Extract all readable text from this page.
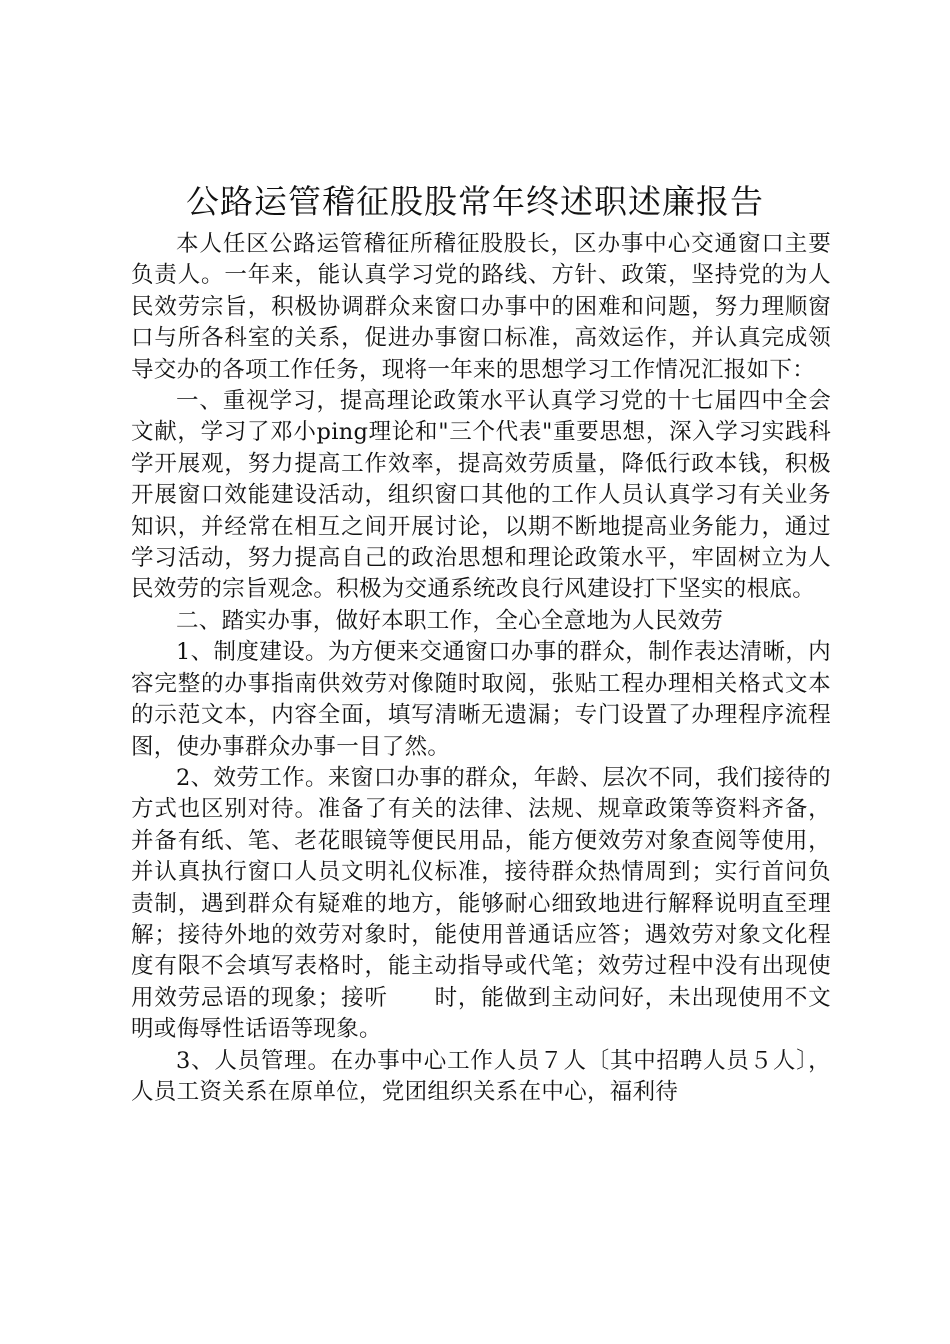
公路运管稽征股股常年终述职述廉报告

本人任区公路运管稽征所稽征股股长，区办事中心交通窗口主要负责人。一年来，能认真学习党的路线、方针、政策，坚持党的为人民效劳宗旨，积极协调群众来窗口办事中的困难和问题，努力理顺窗口与所各科室的关系，促进办事窗口标准，高效运作，并认真完成领导交办的各项工作任务，现将一年来的思想学习工作情况汇报如下：

一、重视学习，提高理论政策水平认真学习党的十七届四中全会文献，学习了邓小ping理论和"三个代表"重要思想，深入学习实践科学开展观，努力提高工作效率，提高效劳质量，降低行政本钱，积极开展窗口效能建设活动，组织窗口其他的工作人员认真学习有关业务知识，并经常在相互之间开展讨论，以期不断地提高业务能力，通过学习活动，努力提高自己的政治思想和理论政策水平，牢固树立为人民效劳的宗旨观念。积极为交通系统改良行风建设打下坚实的根底。

二、踏实办事，做好本职工作，全心全意地为人民效劳

1、制度建设。为方便来交通窗口办事的群众，制作表达清晰，内容完整的办事指南供效劳对像随时取阅，张贴工程办理相关格式文本的示范文本，内容全面，填写清晰无遗漏；专门设置了办理程序流程图，使办事群众办事一目了然。

2、效劳工作。来窗口办事的群众，年龄、层次不同，我们接待的方式也区别对待。准备了有关的法律、法规、规章政策等资料齐备，并备有纸、笔、老花眼镜等便民用品，能方便效劳对象查阅等使用，并认真执行窗口人员文明礼仪标准，接待群众热情周到；实行首问负责制，遇到群众有疑难的地方，能够耐心细致地进行解释说明直至理解；接待外地的效劳对象时，能使用普通话应答；遇效劳对象文化程度有限不会填写表格时，能主动指导或代笔；效劳过程中没有出现使用效劳忌语的现象；接听　　时，能做到主动问好，未出现使用不文明或侮辱性话语等现象。

3、人员管理。在办事中心工作人员７人〔其中招聘人员５人〕，人员工资关系在原单位，党团组织关系在中心，福利待
